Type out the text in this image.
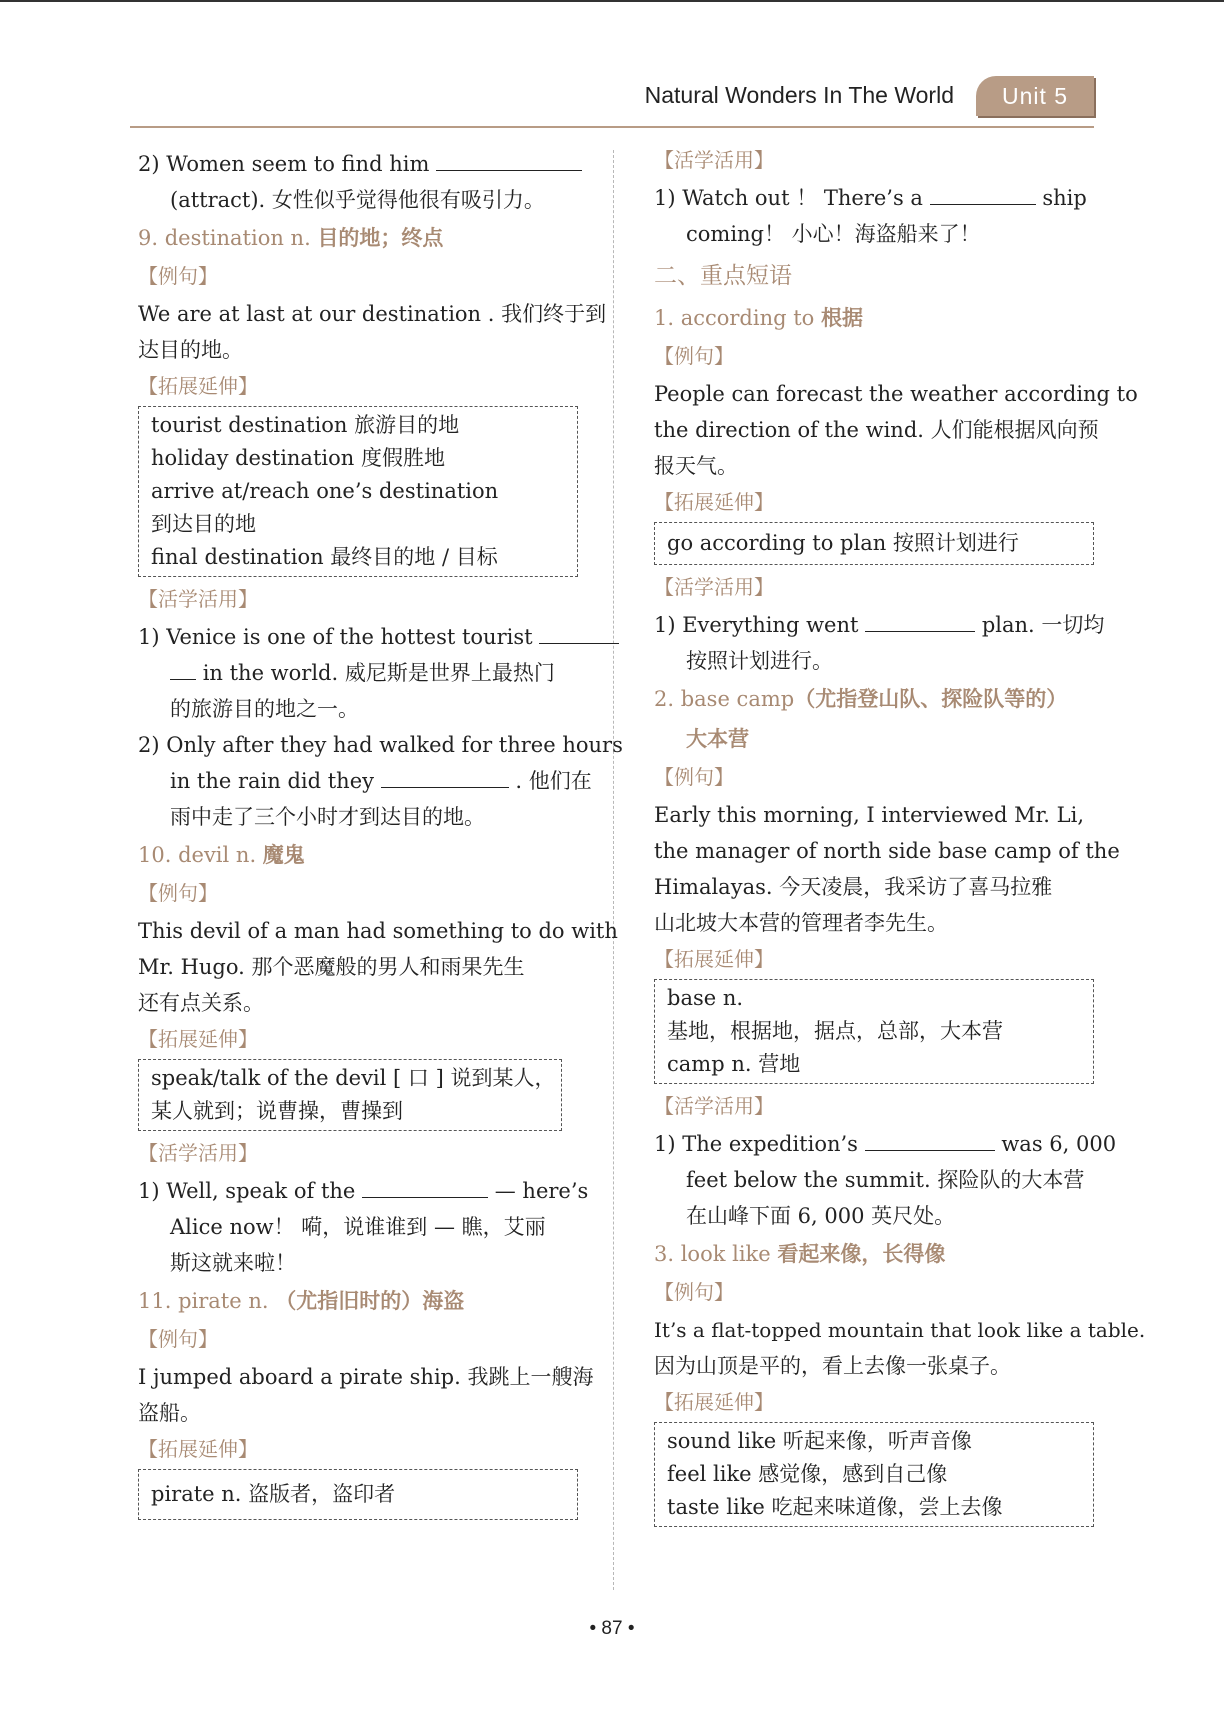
Natural Wonders In The World	Unit 5

2) Women seem to find him

(attract). 女性似乎觉得他很有吸引力。

9. destination n. 目的地；终点

【例句】

We are at last at our destination . 我们终于到

达目的地。

【拓展延伸】

tourist destination 旅游目的地

holiday destination 度假胜地

arrive at/reach one’s destination

到达目的地

final destination 最终目的地 / 目标

【活学活用】

1) Venice is one of the hottest tourist

in the world. 威尼斯是世界上最热门

的旅游目的地之一。

2) Only after they had walked for three hours

in the rain did they	. 他们在

雨中走了三个小时才到达目的地。

10. devil n. 魔鬼

【例句】

This devil of a man had something to do with

Mr. Hugo. 那个恶魔般的男人和雨果先生

还有点关系。

【拓展延伸】

speak/talk of the devil [ 口 ] 说到某人，

某人就到；说曹操，曹操到

【活学活用】

1) Well, speak of the	— here’s

Alice now！ 嗬，说谁谁到 — 瞧，艾丽

斯这就来啦！

11. pirate n. （尤指旧时的）海盗

【例句】

I jumped aboard a pirate ship. 我跳上一艘海

盗船。

【拓展延伸】

pirate n. 盗版者，盗印者

【活学活用】

1) Watch out ！ There’s a	ship

coming！ 小心！海盗船来了！

二、重点短语

1. according to 根据

【例句】

People can forecast the weather according to

the direction of the wind. 人们能根据风向预

报天气。

【拓展延伸】

go according to plan 按照计划进行

【活学活用】

1) Everything went	plan. 一切均

按照计划进行。

2. base camp（尤指登山队、探险队等的）

大本营

【例句】

Early this morning, I interviewed Mr. Li,

the manager of north side base camp of the

Himalayas. 今天凌晨，我采访了喜马拉雅

山北坡大本营的管理者李先生。

【拓展延伸】

base n.

基地，根据地，据点，总部，大本营

camp n. 营地

【活学活用】

1) The expedition’s	was 6, 000

feet below the summit. 探险队的大本营

在山峰下面 6, 000 英尺处。

3. look like 看起来像，长得像

【例句】

It’s a flat-topped mountain that look like a table.

因为山顶是平的，看上去像一张桌子。

【拓展延伸】

sound like 听起来像，听声音像

feel like 感觉像，感到自己像

taste like 吃起来味道像，尝上去像

• 87 •
